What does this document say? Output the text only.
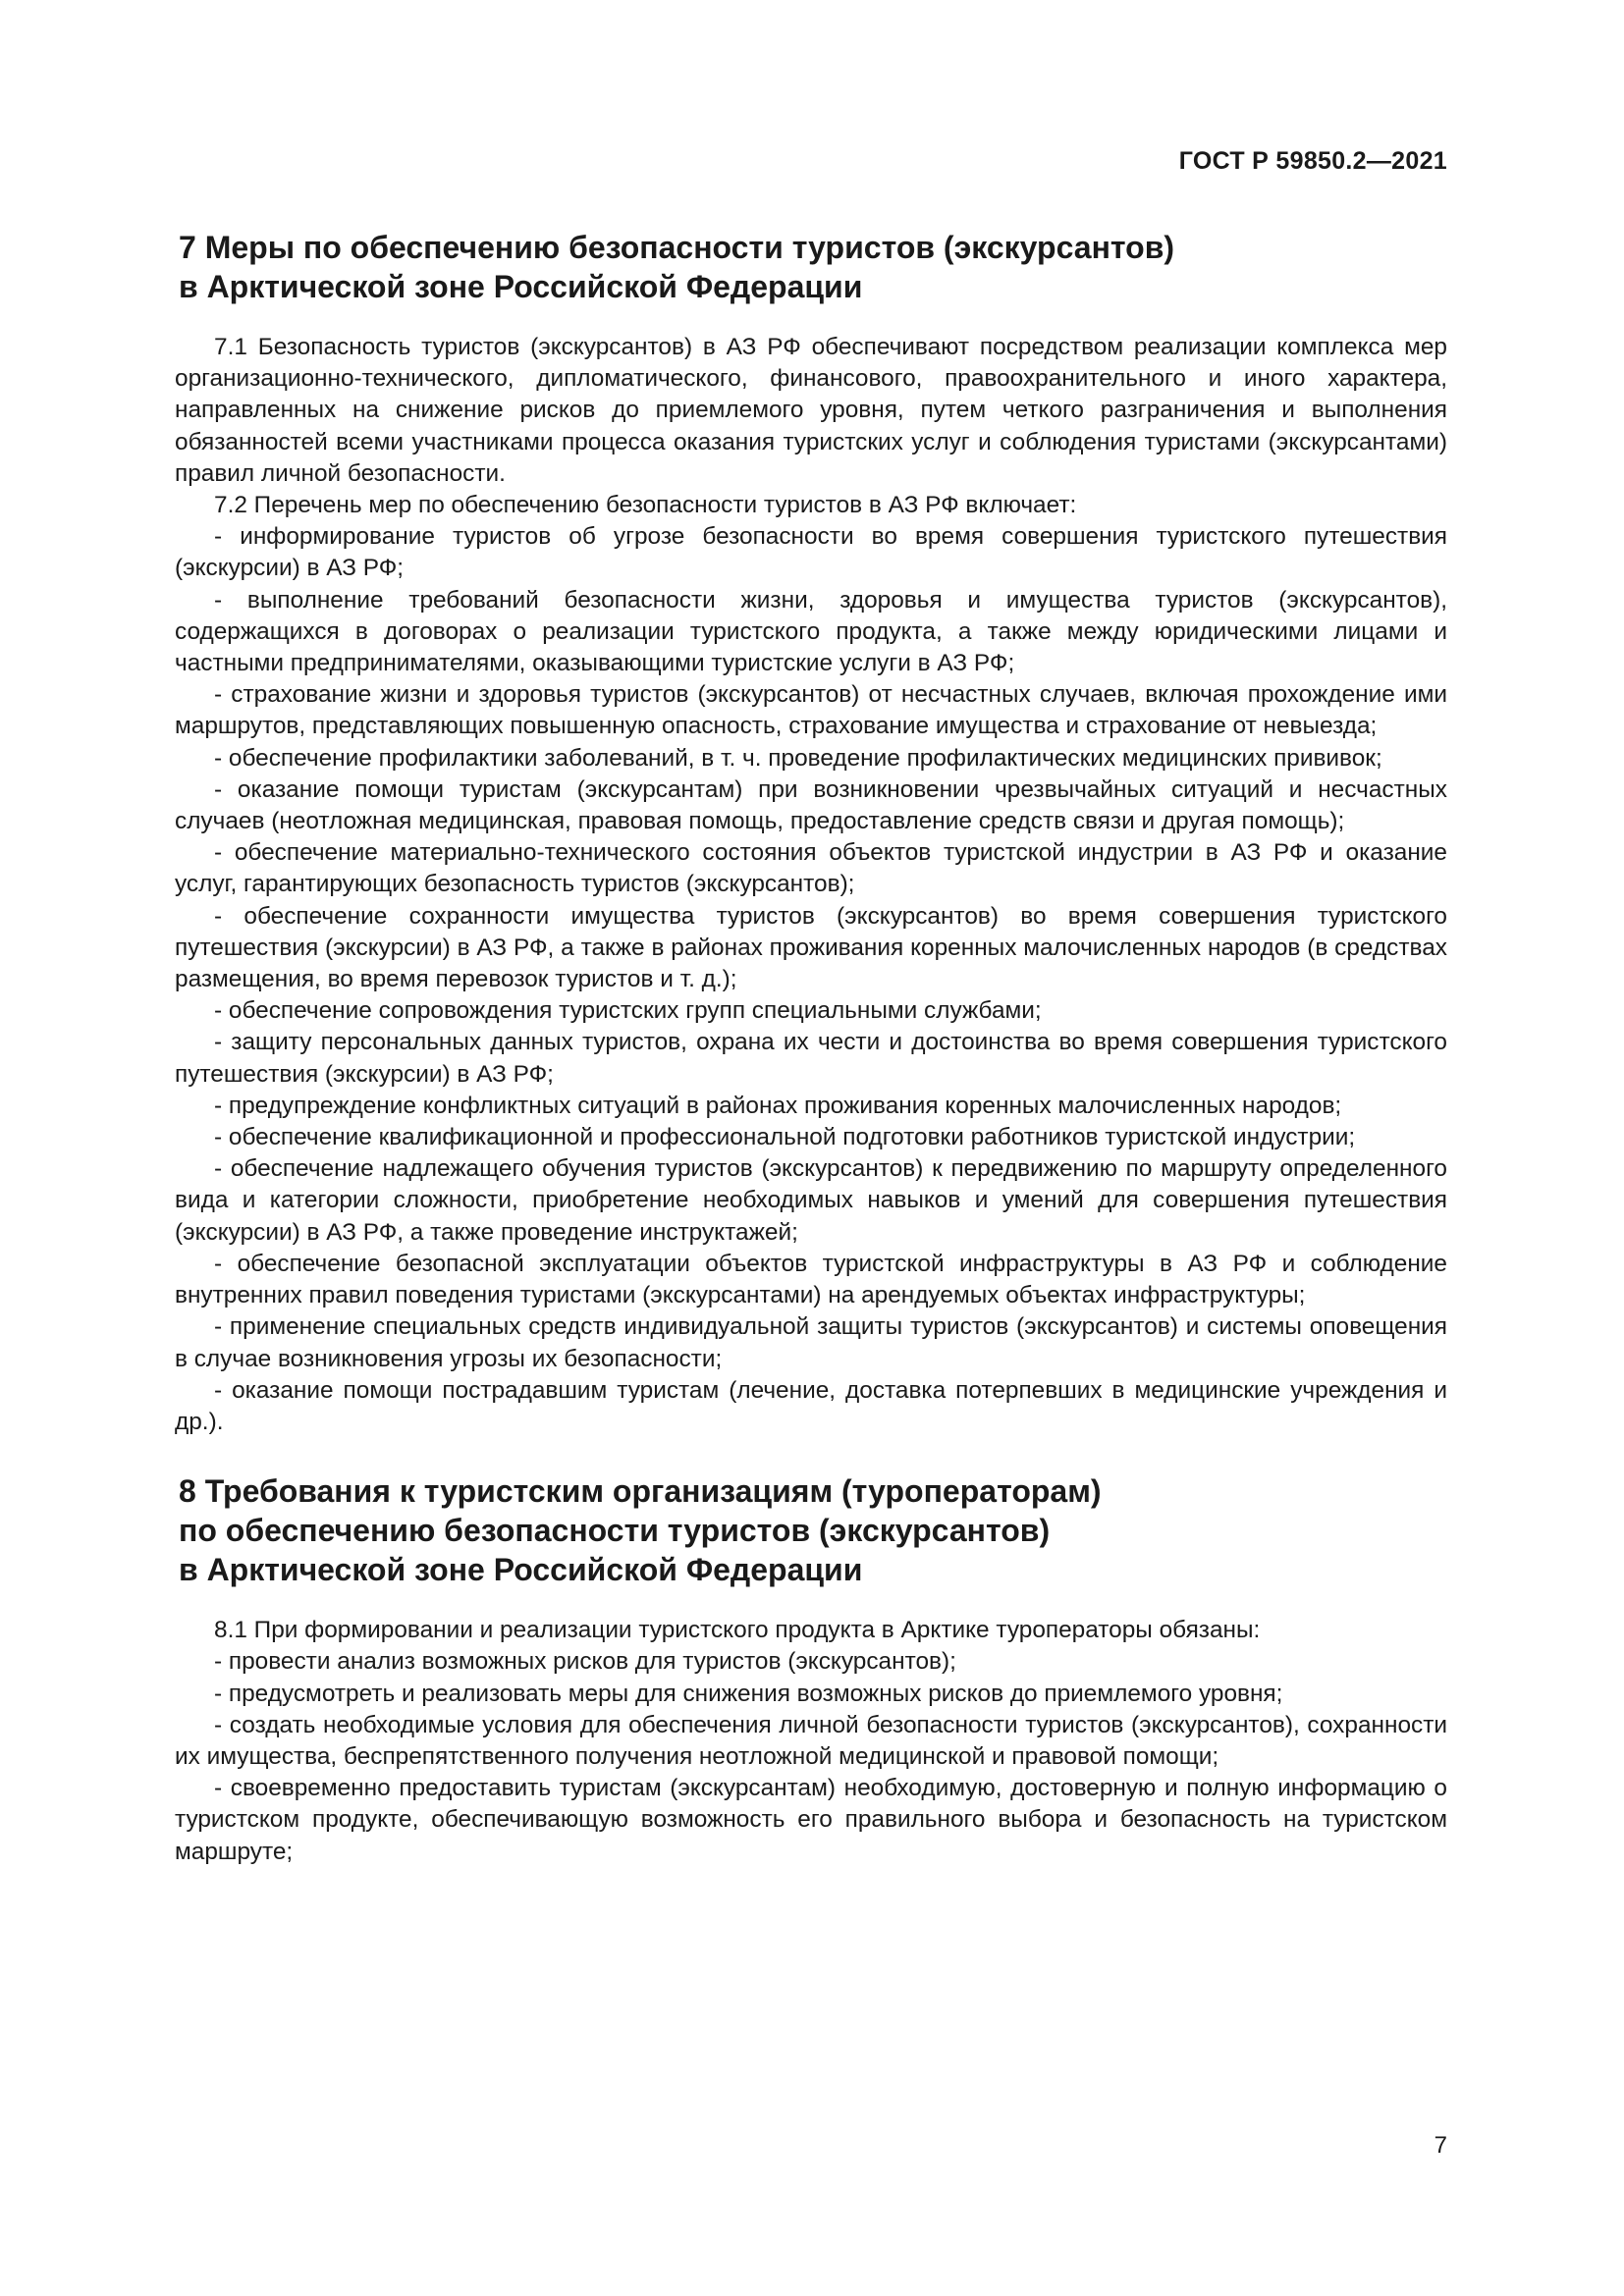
ГОСТ Р 59850.2—2021
7 Меры по обеспечению безопасности туристов (экскурсантов)
в Арктической зоне Российской Федерации

7.1 Безопасность туристов (экскурсантов) в АЗ РФ обеспечивают посредством реализации комплекса мер организационно-технического, дипломатического, финансового, правоохранительного и иного характера, направленных на снижение рисков до приемлемого уровня, путем четкого разграничения и выполнения обязанностей всеми участниками процесса оказания туристских услуг и соблюдения туристами (экскурсантами) правил личной безопасности.

7.2 Перечень мер по обеспечению безопасности туристов в АЗ РФ включает:

- информирование туристов об угрозе безопасности во время совершения туристского путешествия (экскурсии) в АЗ РФ;

- выполнение требований безопасности жизни, здоровья и имущества туристов (экскурсантов), содержащихся в договорах о реализации туристского продукта, а также между юридическими лицами и частными предпринимателями, оказывающими туристские услуги в АЗ РФ;

- страхование жизни и здоровья туристов (экскурсантов) от несчастных случаев, включая прохождение ими маршрутов, представляющих повышенную опасность, страхование имущества и страхование от невыезда;

- обеспечение профилактики заболеваний, в т. ч. проведение профилактических медицинских прививок;

- оказание помощи туристам (экскурсантам) при возникновении чрезвычайных ситуаций и несчастных случаев (неотложная медицинская, правовая помощь, предоставление средств связи и другая помощь);

- обеспечение материально-технического состояния объектов туристской индустрии в АЗ РФ и оказание услуг, гарантирующих безопасность туристов (экскурсантов);

- обеспечение сохранности имущества туристов (экскурсантов) во время совершения туристского путешествия (экскурсии) в АЗ РФ, а также в районах проживания коренных малочисленных народов (в средствах размещения, во время перевозок туристов и т. д.);

- обеспечение сопровождения туристских групп специальными службами;

- защиту персональных данных туристов, охрана их чести и достоинства во время совершения туристского путешествия (экскурсии) в АЗ РФ;

- предупреждение конфликтных ситуаций в районах проживания коренных малочисленных народов;

- обеспечение квалификационной и профессиональной подготовки работников туристской индустрии;

- обеспечение надлежащего обучения туристов (экскурсантов) к передвижению по маршруту определенного вида и категории сложности, приобретение необходимых навыков и умений для совершения путешествия (экскурсии) в АЗ РФ, а также проведение инструктажей;

- обеспечение безопасной эксплуатации объектов туристской инфраструктуры в АЗ РФ и соблюдение внутренних правил поведения туристами (экскурсантами) на арендуемых объектах инфраструктуры;

- применение специальных средств индивидуальной защиты туристов (экскурсантов) и системы оповещения в случае возникновения угрозы их безопасности;

- оказание помощи пострадавшим туристам (лечение, доставка потерпевших в медицинские учреждения и др.).

8 Требования к туристским организациям (туроператорам)
по обеспечению безопасности туристов (экскурсантов)
в Арктической зоне Российской Федерации

8.1 При формировании и реализации туристского продукта в Арктике туроператоры обязаны:

- провести анализ возможных рисков для туристов (экскурсантов);

- предусмотреть и реализовать меры для снижения возможных рисков до приемлемого уровня;

- создать необходимые условия для обеспечения личной безопасности туристов (экскурсантов), сохранности их имущества, беспрепятственного получения неотложной медицинской и правовой помощи;

- своевременно предоставить туристам (экскурсантам) необходимую, достоверную и полную информацию о туристском продукте, обеспечивающую возможность его правильного выбора и безопасность на туристском маршруте;

7
